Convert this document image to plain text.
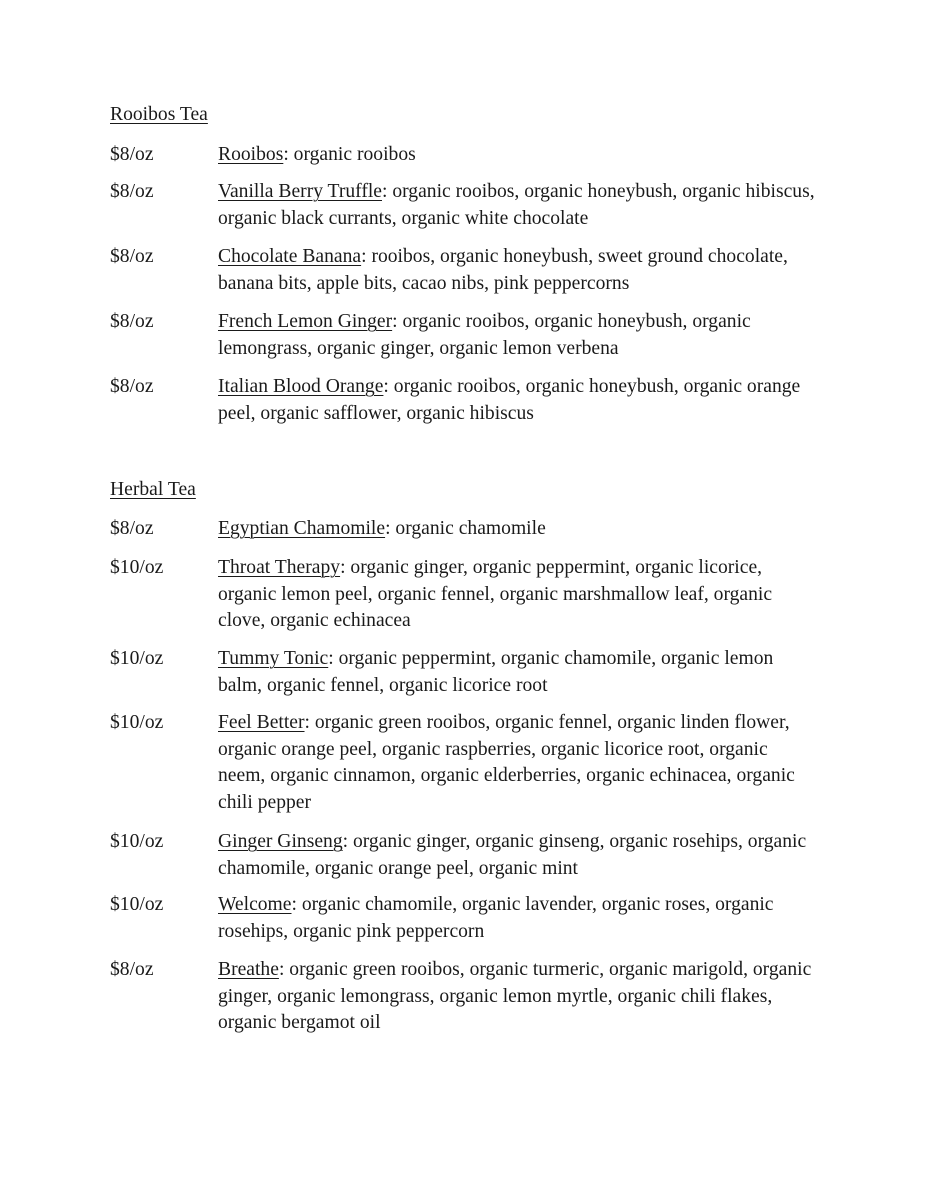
Rooibos Tea
$8/oz	Rooibos: organic rooibos
$8/oz	Vanilla Berry Truffle: organic rooibos, organic honeybush, organic hibiscus, organic black currants, organic white chocolate
$8/oz	Chocolate Banana: rooibos, organic honeybush, sweet ground chocolate, banana bits, apple bits, cacao nibs, pink peppercorns
$8/oz	French Lemon Ginger: organic rooibos, organic honeybush, organic lemongrass, organic ginger, organic lemon verbena
$8/oz	Italian Blood Orange: organic rooibos, organic honeybush, organic orange peel, organic safflower, organic hibiscus
Herbal Tea
$8/oz	Egyptian Chamomile: organic chamomile
$10/oz	Throat Therapy: organic ginger, organic peppermint, organic licorice, organic lemon peel, organic fennel, organic marshmallow leaf, organic clove, organic echinacea
$10/oz	Tummy Tonic: organic peppermint, organic chamomile, organic lemon balm, organic fennel, organic licorice root
$10/oz	Feel Better: organic green rooibos, organic fennel, organic linden flower, organic orange peel, organic raspberries, organic licorice root, organic neem, organic cinnamon, organic elderberries, organic echinacea, organic chili pepper
$10/oz	Ginger Ginseng: organic ginger, organic ginseng, organic rosehips, organic chamomile, organic orange peel, organic mint
$10/oz	Welcome: organic chamomile, organic lavender, organic roses, organic rosehips, organic pink peppercorn
$8/oz	Breathe: organic green rooibos, organic turmeric, organic marigold, organic ginger, organic lemongrass, organic lemon myrtle, organic chili flakes, organic bergamot oil
